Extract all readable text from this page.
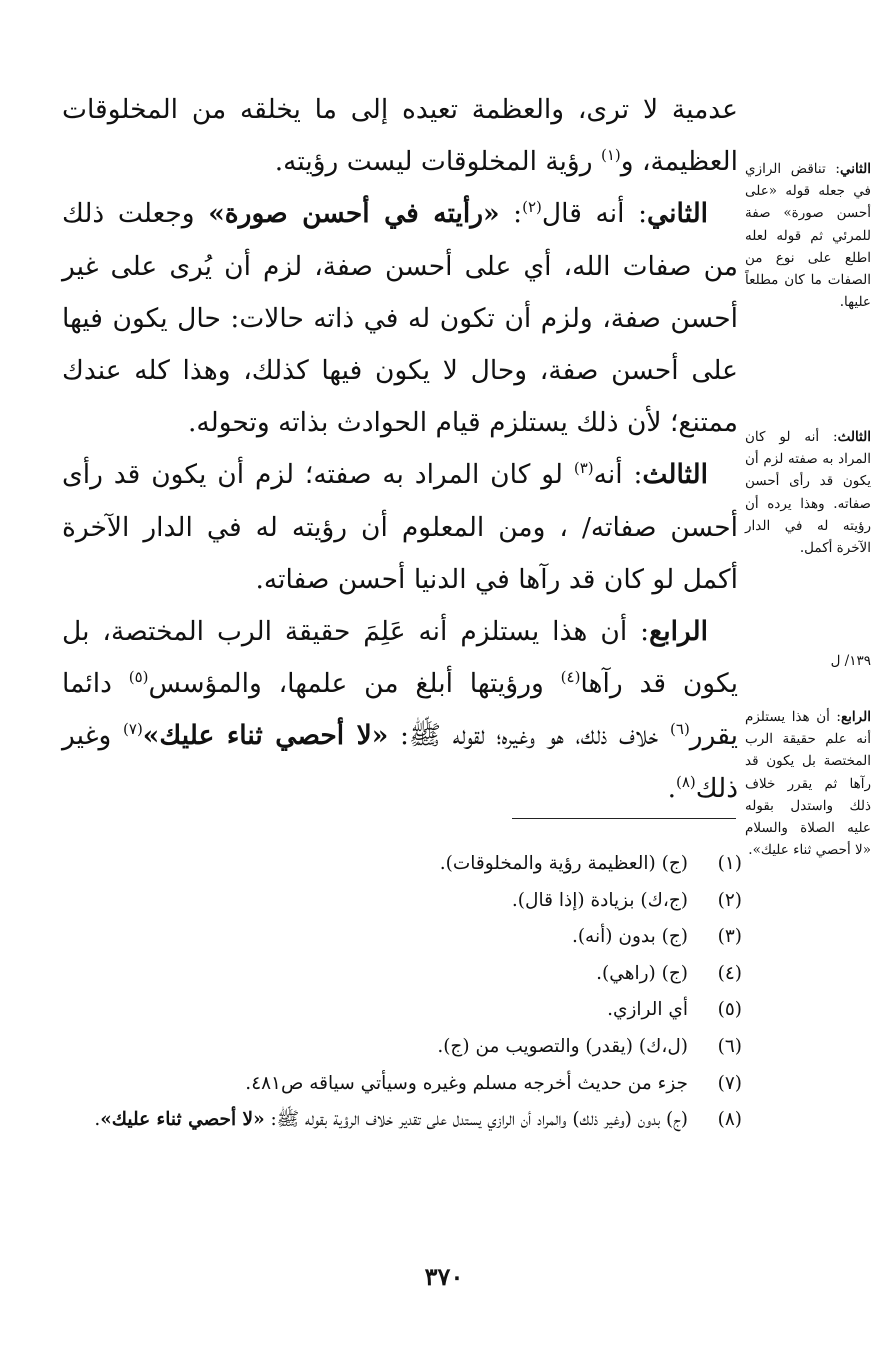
عدمية لا ترى، والعظمة تعيده إلى ما يخلقه من المخلوقات العظيمة، و$^{(١)}$ رؤية المخلوقات ليست رؤيته.

الثاني: أنه قال$^{(٢)}$: «رأيته في أحسن صورة» وجعلت ذلك من صفات الله، أي على أحسن صفة، لزم أن يُرى على غير أحسن صفة، ولزم أن تكون له في ذاته حالات: حال يكون فيها على أحسن صفة، وحال لا يكون فيها كذلك، وهذا كله عندك ممتنع؛ لأن ذلك يستلزم قيام الحوادث بذاته وتحوله.

الثالث: أنه$^{(٣)}$ لو كان المراد به صفته؛ لزم أن يكون قد رأى أحسن صفاته/ ، ومن المعلوم أن رؤيته له في الدار الآخرة أكمل لو كان قد رآها في الدنيا أحسن صفاته.

الرابع: أن هذا يستلزم أنه عَلِمَ حقيقة الرب المختصة، بل يكون قد رآها$^{(٤)}$ ورؤيتها أبلغ من علمها، والمؤسس$^{(٥)}$ دائما يقرر$^{(٦)}$ خلاف ذلك، هو وغيره؛ لقوله ﷺ: «لا أحصي ثناء عليك»$^{(٧)}$ وغير ذلك$^{(٨)}$.

الثاني: تناقض الرازي في جعله قوله «على أحسن صورة» صفة للمرئي ثم قوله لعله اطلع على نوع من الصفات ما كان مطلعاً عليها.

الثالث: أنه لو كان المراد به صفته لزم أن يكون قد رأى أحسن صفاته. وهذا يرده أن رؤيته له في الدار الآخرة أكمل.

١٣٩/ ل

الرابع: أن هذا يستلزم أنه علم حقيقة الرب المختصة بل يكون قد رآها ثم يقرر خلاف ذلك واستدل بقوله عليه الصلاة والسلام «لا أحصي ثناء عليك».

(١)
(ج) (العظيمة رؤية والمخلوقات).
(٢)
(ج،ك) بزيادة (إذا قال).
(٣)
(ج) بدون (أنه).
(٤)
(ج) (راهي).
(٥)
أي الرازي.
(٦)
(ل،ك) (يقدر) والتصويب من (ج).
(٧)
جزء من حديث أخرجه مسلم وغيره وسيأتي سياقه ص٤٨١.
(٨)
(ج) بدون (وغير ذلك) والمراد أن الرازي يستدل على تقدير خلاف الرؤية بقوله ﷺ: «لا أحصي ثناء عليك».
٣٧٠
